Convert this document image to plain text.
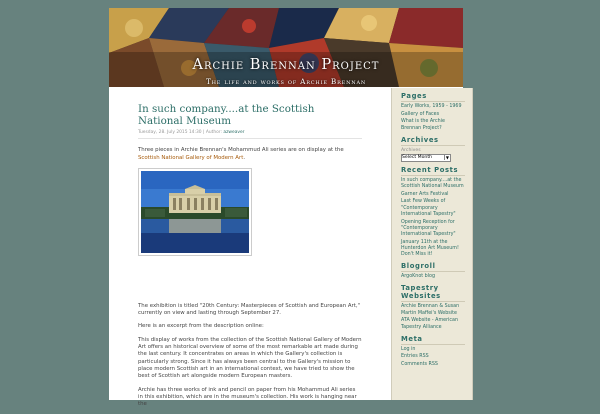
Archie Brennan Project
The life and works of Archie Brennan
In such company....at the Scottish National Museum
Tuesday, 28. July 2015 14:30 | Author: azweaver

Three pieces in Archie Brennan's Mohammud Ali series are on display at the Scottish National Gallery of Modern Art.

The exhibition is titled "20th Century: Masterpieces of Scottish and European Art," currently on view and lasting through September 27.

Here is an excerpt from the description online:

This display of works from the collection of the Scottish National Gallery of Modern Art offers an historical overview of some of the most remarkable art made during the last century. It concentrates on areas in which the Gallery's collection is particularly strong. Since it has always been central to the Gallery's mission to place modern Scottish art in an international context, we have tried to show the best of Scottish art alongside modern European masters.

Archie has three works of ink and pencil on paper from his Mohammud Ali series in this exhibition, which are in the museum's collection. His work is hanging near the

Pages
Early Works, 1959 - 1969
Gallery of Faces
What is the Archie Brennan Project?
Archives
Archives
Select Month	▼
Recent Posts
In such company....at the Scottish National Museum
Garner Arts Festival
Last Few Weeks of "Contemporary International Tapestry"
Opening Reception for "Contemporary International Tapestry"
January 11th at the Hunterdon Art Museum! Don't Miss it!
Blogroll
ArgoKnot blog
Tapestry Websites
Archie Brennan & Susan Martin Maffei's Website
ATA Website - American Tapestry Alliance
Meta
Log in
Entries RSS
Comments RSS
